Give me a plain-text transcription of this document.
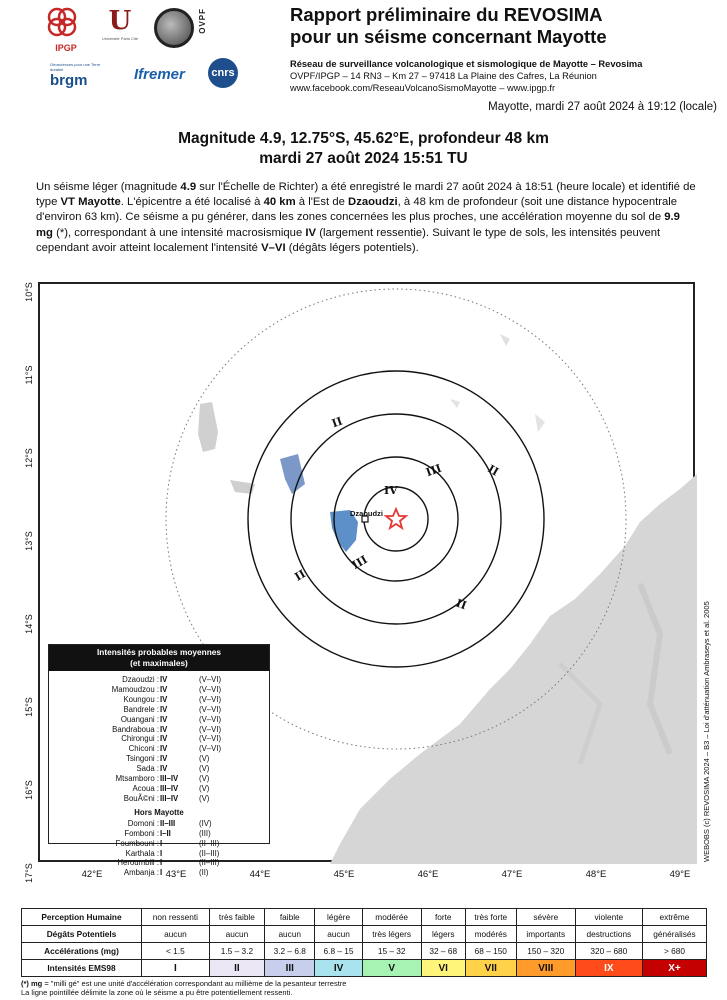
IPGP
U
Université Paris Cité
OVPF
Géosciences pour une Terre durable
brgm	Ifremer	cnrs
Rapport préliminaire du REVOSIMA
pour un séisme concernant Mayotte
Réseau de surveillance volcanologique et sismologique de Mayotte – Revosima
OVPF/IPGP – 14 RN3 – Km 27 – 97418 La Plaine des Cafres, La Réunion
www.facebook.com/ReseauVolcanoSismoMayotte – www.ipgp.fr
Mayotte, mardi 27 août 2024 à 19:12 (locale)
Magnitude 4.9, 12.75°S, 45.62°E, profondeur 48 km
mardi 27 août 2024 15:51 TU
Un séisme léger (magnitude 4.9 sur l'Échelle de Richter) a été enregistré le mardi 27 août 2024 à 18:51 (heure locale) et identifié de type VT Mayotte. L'épicentre a été localisé à 40 km à l'Est de Dzaoudzi, à 48 km de profondeur (soit une distance hypocentrale d'environ 63 km). Ce séisme a pu générer, dans les zones concernées les plus proches, une accélération moyenne du sol de 9.9 mg (*), correspondant à une intensité macrosismique IV (largement ressentie). Suivant le type de sols, les intensités peuvent cependant avoir atteint localement l'intensité V–VI (dégâts légers potentiels).
Dzaoudzi
IV
III
III
II
II
II
II
Intensités probables moyennes
(et maximales)
Dzaoudzi : IV	(V–VI)
Mamoudzou : IV	(V–VI)
Koungou : IV	(V–VI)
Bandrele : IV	(V–VI)
Ouangani : IV	(V–VI)
Bandraboua : IV	(V–VI)
Chirongui : IV	(V–VI)
Chiconi : IV	(V–VI)
Tsingoni : IV	(V)
Sada : IV	(V)
Mtsamboro : III–IV	(V)
Acoua : III–IV	(V)
BouÃ©ni : III–IV	(V)
Hors Mayotte
Domoni : II–III	(IV)
Fomboni : I–II	(III)
Foumbouni : I	(II–III)
Karthala : I	(II–III)
Heroumbili : I	(II–III)
Ambanja : I	(II)
10°S
11°S
12°S
13°S
14°S
15°S
16°S
17°S	42°E	43°E	44°E	45°E	46°E	47°E	48°E	49°E
WEBOBS (c) REVOSIMA 2024 – B3 – Loi d'atténuation Ambraseys et al. 2005
Perception Humaine	non ressenti	très faible	faible	légère	modérée	forte	très forte	sévère	violente	extrême
Dégâts Potentiels	aucun	aucun	aucun	aucun	très légers	légers	modérés	importants	destructions	généralisés
Accélérations (mg)	< 1.5	1.5 – 3.2	3.2 – 6.8	6.8 – 15	15 – 32	32 – 68	68 – 150	150 – 320	320 – 680	> 680
Intensités EMS98	I	II	III	IV	V	VI	VII	VIII	IX	X+
(*) mg = "milli gé" est une unité d'accélération correspondant au millième de la pesanteur terrestre
La ligne pointillée délimite la zone où le séisme a pu être potentiellement ressenti.
